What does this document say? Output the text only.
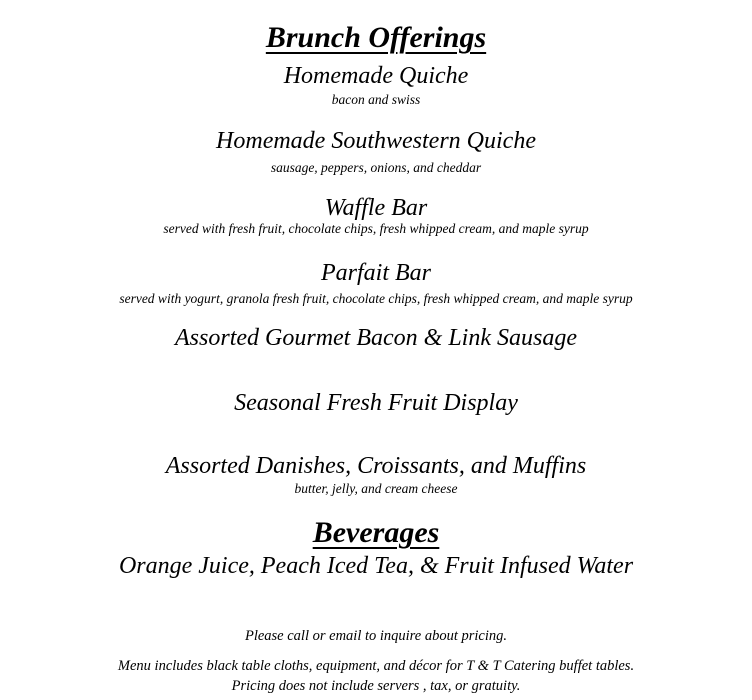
Brunch Offerings
Homemade Quiche
bacon and swiss
Homemade Southwestern Quiche
sausage, peppers, onions, and cheddar
Waffle Bar
served with fresh fruit, chocolate chips, fresh whipped cream, and maple syrup
Parfait Bar
served with yogurt, granola fresh fruit, chocolate chips, fresh whipped cream, and maple syrup
Assorted Gourmet Bacon & Link Sausage
Seasonal Fresh Fruit Display
Assorted Danishes, Croissants, and Muffins
butter, jelly, and cream cheese
Beverages
Orange Juice, Peach Iced Tea, & Fruit Infused Water
Please call or email to inquire about pricing.
Menu includes black table cloths, equipment, and décor for T & T Catering buffet tables.
Pricing does not include servers , tax, or gratuity.
